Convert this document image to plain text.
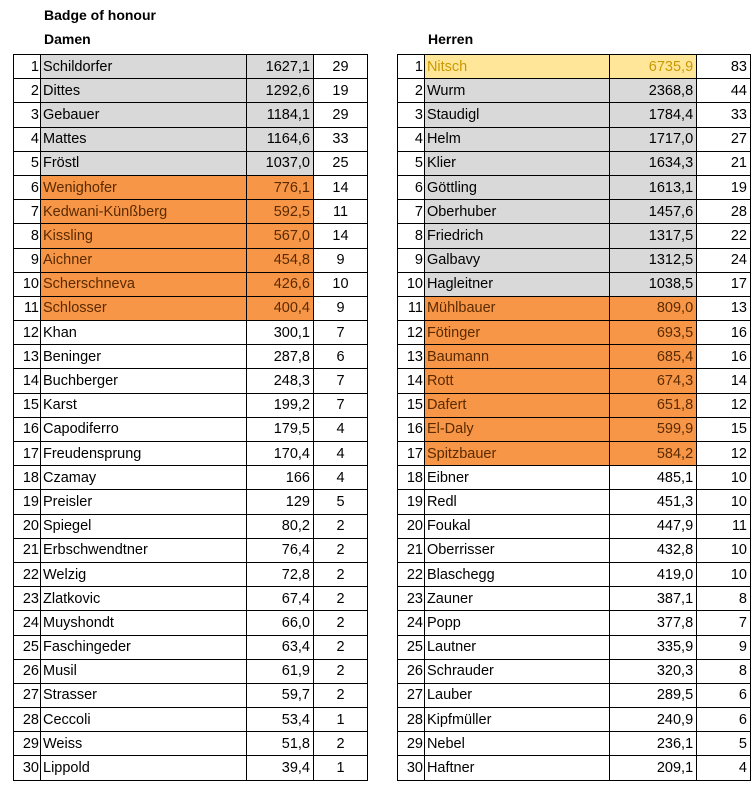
Badge of honour
Damen	Herren
1	Schildorfer	1627,1	29
2	Dittes	1292,6	19
3	Gebauer	1184,1	29
4	Mattes	1164,6	33
5	Fröstl	1037,0	25
6	Wenighofer	776,1	14
7	Kedwani-Künßberg	592,5	11
8	Kissling	567,0	14
9	Aichner	454,8	9
10	Scherschneva	426,6	10
11	Schlosser	400,4	9
12	Khan	300,1	7
13	Beninger	287,8	6
14	Buchberger	248,3	7
15	Karst	199,2	7
16	Capodiferro	179,5	4
17	Freudensprung	170,4	4
18	Czamay	166	4
19	Preisler	129	5
20	Spiegel	80,2	2
21	Erbschwendtner	76,4	2
22	Welzig	72,8	2
23	Zlatkovic	67,4	2
24	Muyshondt	66,0	2
25	Faschingeder	63,4	2
26	Musil	61,9	2
27	Strasser	59,7	2
28	Ceccoli	53,4	1
29	Weiss	51,8	2
30	Lippold	39,4	1
1	Nitsch	6735,9	83
2	Wurm	2368,8	44
3	Staudigl	1784,4	33
4	Helm	1717,0	27
5	Klier	1634,3	21
6	Göttling	1613,1	19
7	Oberhuber	1457,6	28
8	Friedrich	1317,5	22
9	Galbavy	1312,5	24
10	Hagleitner	1038,5	17
11	Mühlbauer	809,0	13
12	Fötinger	693,5	16
13	Baumann	685,4	16
14	Rott	674,3	14
15	Dafert	651,8	12
16	El-Daly	599,9	15
17	Spitzbauer	584,2	12
18	Eibner	485,1	10
19	Redl	451,3	10
20	Foukal	447,9	11
21	Oberrisser	432,8	10
22	Blaschegg	419,0	10
23	Zauner	387,1	8
24	Popp	377,8	7
25	Lautner	335,9	9
26	Schrauder	320,3	8
27	Lauber	289,5	6
28	Kipfmüller	240,9	6
29	Nebel	236,1	5
30	Haftner	209,1	4
